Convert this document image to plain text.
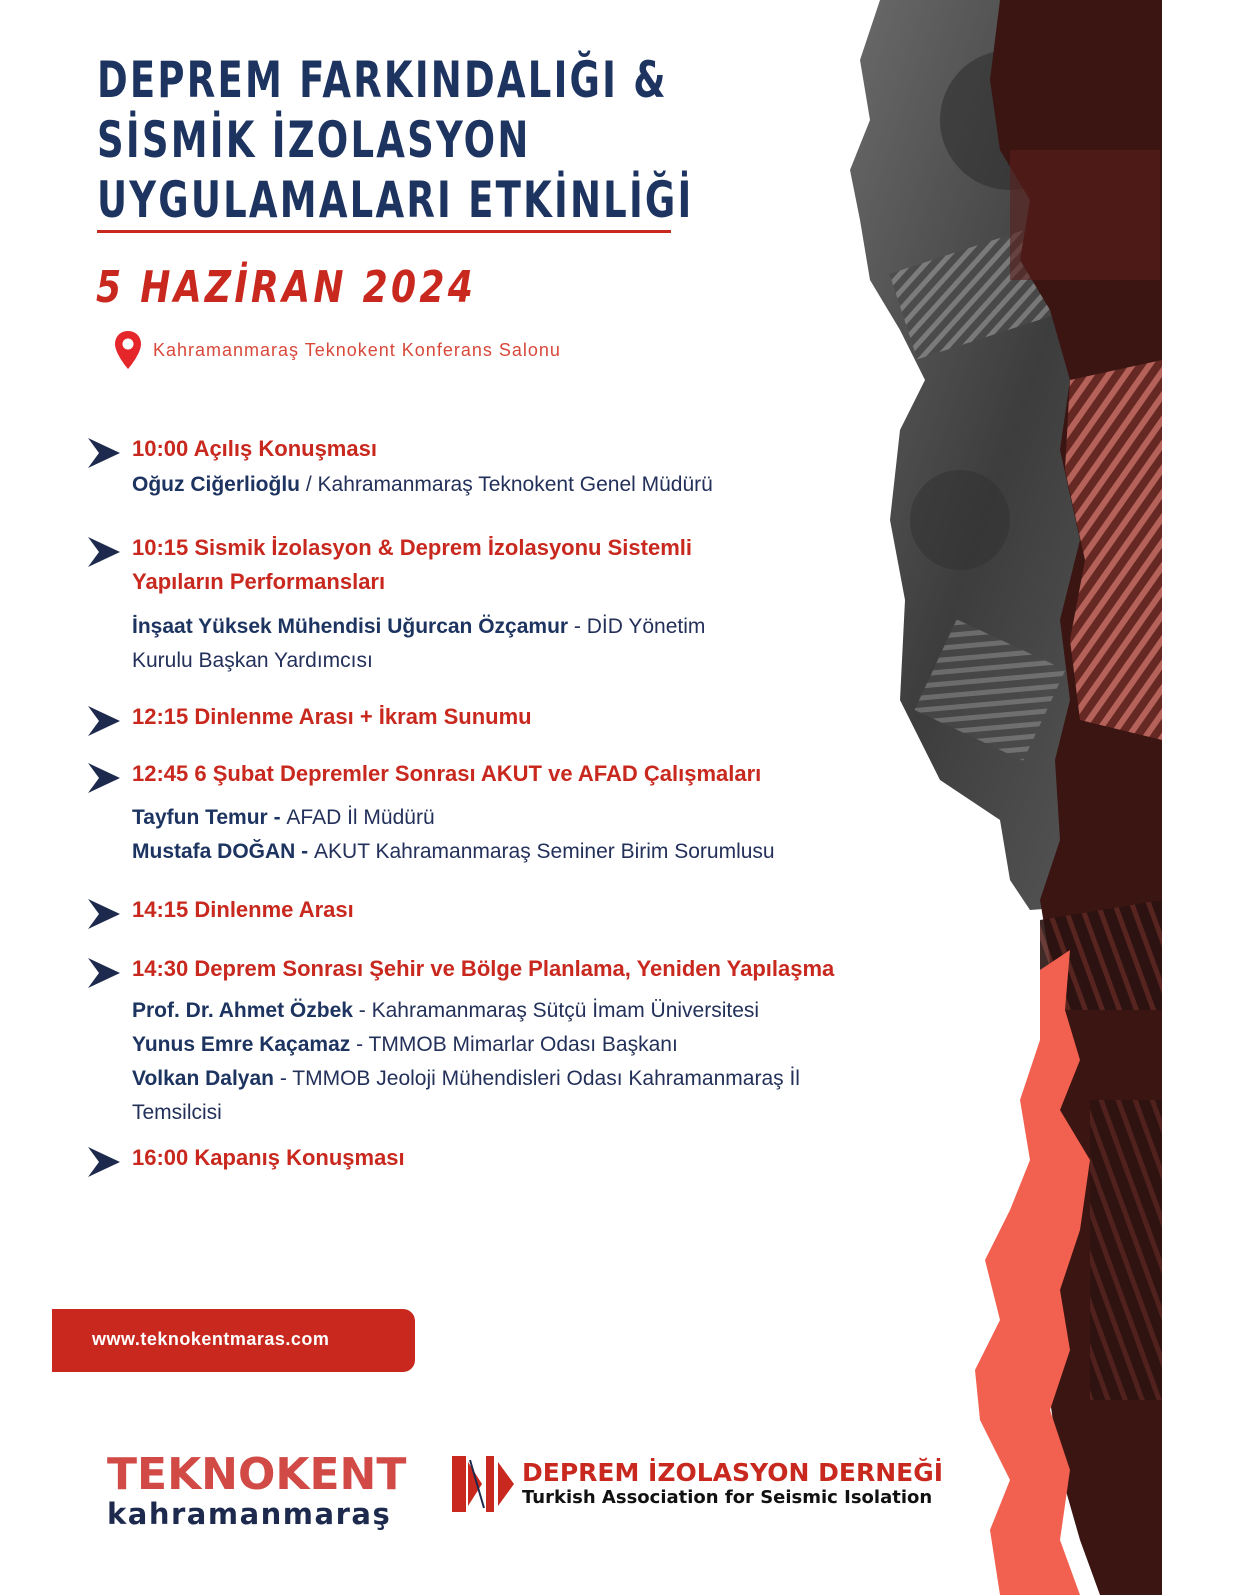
DEPREM FARKINDALIĞI &
SİSMİK İZOLASYON
UYGULAMALARI ETKİNLİĞİ
5 HAZİRAN 2024
Kahramanmaraş Teknokent Konferans Salonu
10:00 Açılış Konuşması
Oğuz Ciğerlioğlu / Kahramanmaraş Teknokent Genel Müdürü
10:15 Sismik İzolasyon & Deprem İzolasyonu Sistemli
Yapıların Performansları
İnşaat Yüksek Mühendisi Uğurcan Özçamur - DİD Yönetim
Kurulu Başkan Yardımcısı
12:15 Dinlenme Arası + İkram Sunumu
12:45 6 Şubat Depremler Sonrası AKUT ve AFAD Çalışmaları
Tayfun Temur - AFAD İl Müdürü
Mustafa DOĞAN - AKUT Kahramanmaraş Seminer Birim Sorumlusu
14:15 Dinlenme Arası
14:30 Deprem Sonrası Şehir ve Bölge Planlama, Yeniden Yapılaşma
Prof. Dr. Ahmet Özbek - Kahramanmaraş Sütçü İmam Üniversitesi
Yunus Emre Kaçamaz - TMMOB Mimarlar Odası Başkanı
Volkan Dalyan - TMMOB Jeoloji Mühendisleri Odası Kahramanmaraş İl
Temsilcisi
16:00 Kapanış Konuşması
www.teknokentmaras.com
TEKNOKENT
kahramanmaraş
DEPREM İZOLASYON DERNEĞİ
Turkish Association for Seismic Isolation
